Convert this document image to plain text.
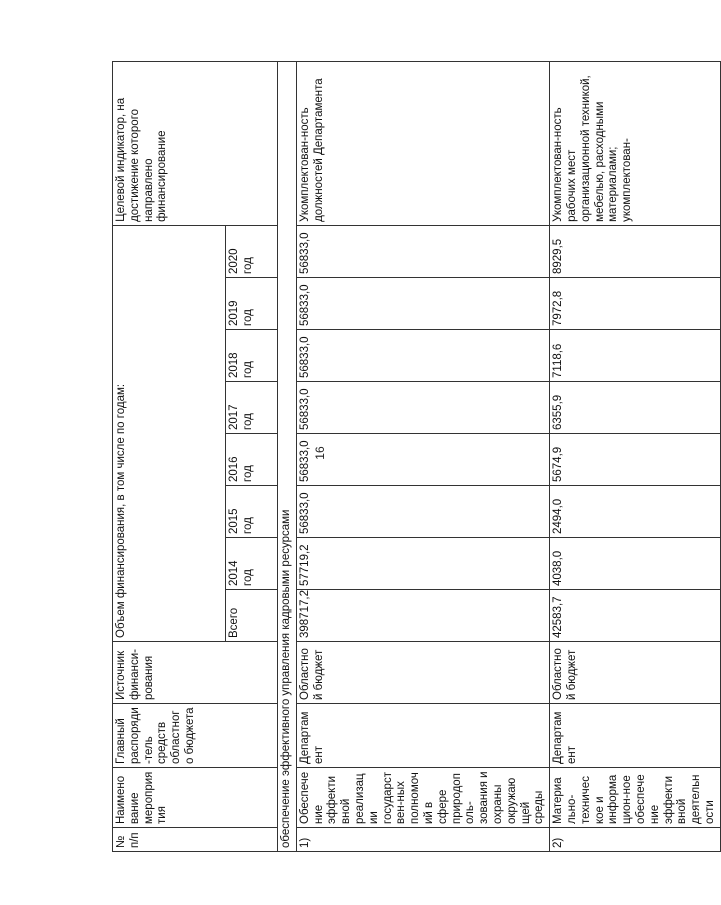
16
№ п/п	Наименование мероприятия	Главный распоряди-тель средств областного бюджета	Источник финанси-рования	Объем финансирования, в том числе по годам:								Целевой индикатор, на достижение которого направлено финансирование
				Всего	2014 год	2015 год	2016 год	2017 год	2018 год	2019 год	2020 год	
обеспечение эффективного управления кадровыми ресурсами												
1)	Обеспечение эффективной реализации государствен-ных полномочий в сфере природополь-зования и охраны окружающей среды	Департамент	Областной бюджет	398717,2	57719,2	56833,0	56833,0	56833,0	56833,0	56833,0	56833,0	Укомплектован-ность должностей Департамента
2)	Материально-техническое и информацион-ное обеспечение эффективной деятельности	Департамент	Областной бюджет	42583,7	4038,0	2494,0	5674,9	6355,9	7118,6	7972,8	8929,5	Укомплектован-ность рабочих мест организационной техникой, мебелью, расходными материалами; укомплектован-
